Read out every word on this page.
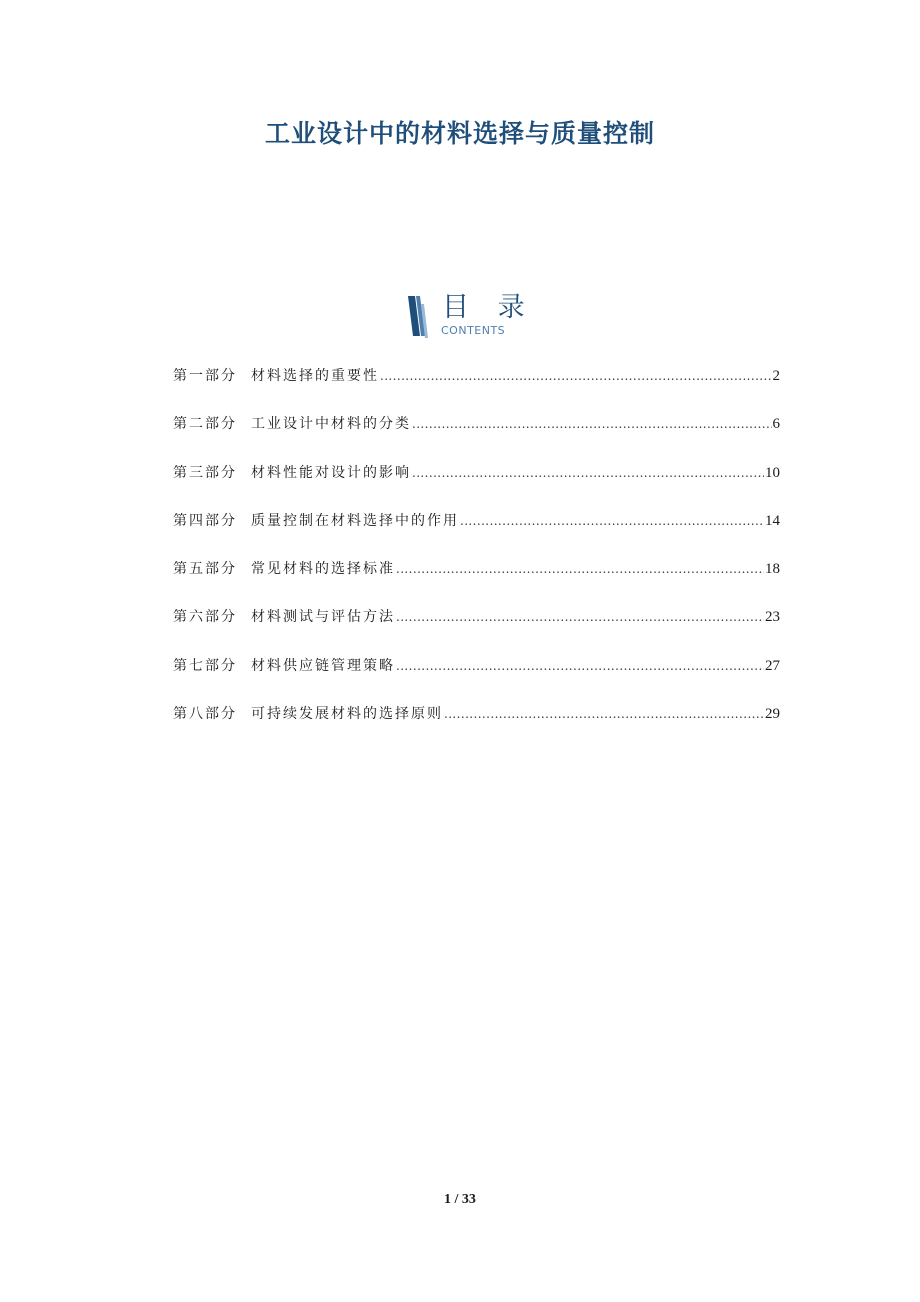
工业设计中的材料选择与质量控制
目 录
CONTENTS
第一部分 材料选择的重要性 .....	2
第二部分 工业设计中材料的分类 .....	6
第三部分 材料性能对设计的影响 .....	10
第四部分 质量控制在材料选择中的作用 .....	14
第五部分 常见材料的选择标准 .....	18
第六部分 材料测试与评估方法 .....	23
第七部分 材料供应链管理策略 .....	27
第八部分 可持续发展材料的选择原则 .....	29
1 / 33
